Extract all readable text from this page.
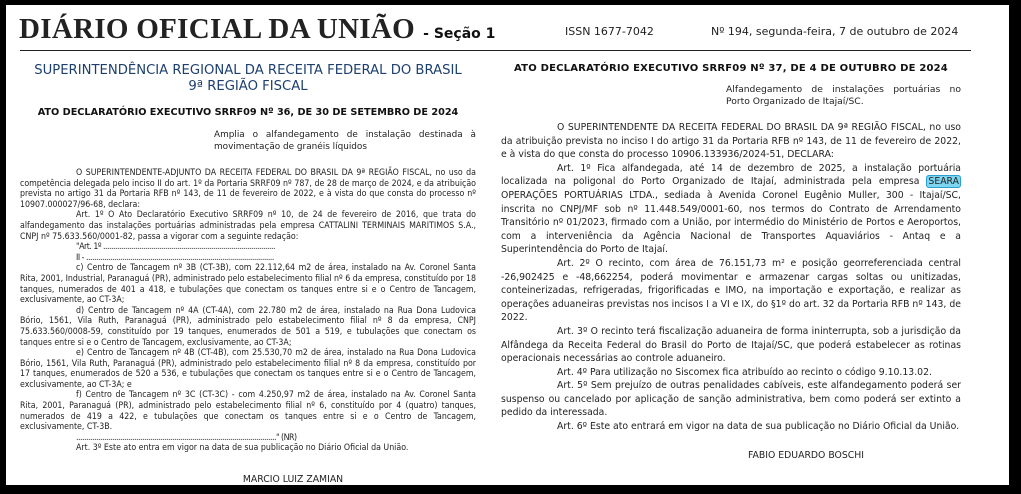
DIÁRIO OFICIAL DA UNIÃO - Seção 1	ISSN 1677-7042	Nº 194, segunda-feira, 7 de outubro de 2024
SUPERINTENDÊNCIA REGIONAL DA RECEITA FEDERAL DO BRASIL
9ª REGIÃO FISCAL
ATO DECLARATÓRIO EXECUTIVO SRRF09 Nº 36, DE 30 DE SETEMBRO DE 2024
Amplia o alfandegamento de instalação destinada à movimentação de granéis líquidos

O SUPERINTENDENTE-ADJUNTO DA RECEITA FEDERAL DO BRASIL DA 9ª REGIÃO FISCAL, no uso da competência delegada pelo inciso II do art. 1º da Portaria SRRF09 nº 787, de 28 de março de 2024, e da atribuição prevista no artigo 31 da Portaria RFB nº 143, de 11 de fevereiro de 2022, e à vista do que consta do processo nº 10907.000027/96-68, declara:

Art. 1º O Ato Declaratório Executivo SRRF09 nº 10, de 24 de fevereiro de 2016, que trata do alfandegamento das instalações portuárias administradas pela empresa CATTALINI TERMINAIS MARITIMOS S.A., CNPJ nº 75.633.560/0001-82, passa a vigorar com a seguinte redação:

"Art. 1º ......................................................................................

II - ..............................................................................................

c) Centro de Tancagem nº 3B (CT-3B), com 22.112,64 m2 de área, instalado na Av. Coronel Santa Rita, 2001, Industrial, Paranaguá (PR), administrado pelo estabelecimento filial nº 6 da empresa, constituído por 18 tanques, numerados de 401 a 418, e tubulações que conectam os tanques entre si e o Centro de Tancagem, exclusivamente, ao CT-3A;

d) Centro de Tancagem nº 4A (CT-4A), com 22.780 m2 de área, instalado na Rua Dona Ludovica Bório, 1561, Vila Ruth, Paranaguá (PR), administrado pelo estabelecimento filial nº 8 da empresa, CNPJ 75.633.560/0008-59, constituído por 19 tanques, enumerados de 501 a 519, e tubulações que conectam os tanques entre si e o Centro de Tancagem, exclusivamente, ao CT-3A;

e) Centro de Tancagem nº 4B (CT-4B), com 25.530,70 m2 de área, instalado na Rua Dona Ludovica Bório, 1561, Vila Ruth, Paranaguá (PR), administrado pelo estabelecimento filial nº 8 da empresa, constituído por 17 tanques, enumerados de 520 a 536, e tubulações que conectam os tanques entre si e o Centro de Tancagem, exclusivamente, ao CT-3A; e

f) Centro de Tancagem nº 3C (CT-3C) - com 4.250,97 m2 de área, instalado na Av. Coronel Santa Rita, 2001, Paranaguá (PR), administrado pelo estabelecimento filial nº 6, constituído por 4 (quatro) tanques, numerados de 419 a 422, e tubulações que conectam os tanques entre si e o Centro de Tancagem, exclusivamente, CT-3B.

...................................................................................................." (NR)

Art. 3º Este ato entra em vigor na data de sua publicação no Diário Oficial da União.

MARCIO LUIZ ZAMIAN
ATO DECLARATÓRIO EXECUTIVO SRRF09 Nº 37, DE 4 DE OUTUBRO DE 2024
Alfandegamento de instalações portuárias no Porto Organizado de Itajaí/SC.

O SUPERINTENDENTE DA RECEITA FEDERAL DO BRASIL DA 9ª REGIÃO FISCAL, no uso da atribuição prevista no inciso I do artigo 31 da Portaria RFB nº 143, de 11 de fevereiro de 2022, e à vista do que consta do processo 10906.133936/2024-51, DECLARA:

Art. 1º Fica alfandegada, até 14 de dezembro de 2025, a instalação portuária localizada na poligonal do Porto Organizado de Itajaí, administrada pela empresa SEARA OPERAÇÕES PORTUÁRIAS LTDA., sediada à Avenida Coronel Eugênio Muller, 300 - Itajaí/SC, inscrita no CNPJ/MF sob nº 11.448.549/0001-60, nos termos do Contrato de Arrendamento Transitório nº 01/2023, firmado com a União, por intermédio do Ministério de Portos e Aeroportos, com a interveniência da Agência Nacional de Transportes Aquaviários - Antaq e a Superintendência do Porto de Itajaí.

Art. 2º O recinto, com área de 76.151,73 m² e posição georreferenciada central -26,902425 e -48,662254, poderá movimentar e armazenar cargas soltas ou unitizadas, conteinerizadas, refrigeradas, frigorificadas e IMO, na importação e exportação, e realizar as operações aduaneiras previstas nos incisos I a VI e IX, do §1º do art. 32 da Portaria RFB nº 143, de 2022.

Art. 3º O recinto terá fiscalização aduaneira de forma ininterrupta, sob a jurisdição da Alfândega da Receita Federal do Brasil do Porto de Itajaí/SC, que poderá estabelecer as rotinas operacionais necessárias ao controle aduaneiro.

Art. 4º Para utilização no Siscomex fica atribuído ao recinto o código 9.10.13.02.

Art. 5º Sem prejuízo de outras penalidades cabíveis, este alfandegamento poderá ser suspenso ou cancelado por aplicação de sanção administrativa, bem como poderá ser extinto a pedido da interessada.

Art. 6º Este ato entrará em vigor na data de sua publicação no Diário Oficial da União.

FABIO EDUARDO BOSCHI
